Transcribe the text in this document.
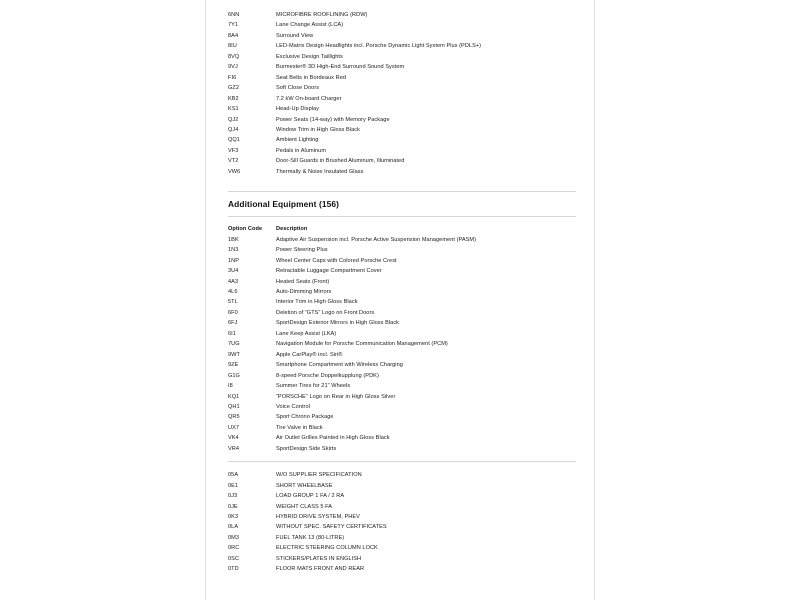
6NN	MICROFIBRE ROOFLINING (RDW)
7Y1	Lane Change Assist (LCA)
8A4	Surround View
8IU	LED-Matrix Design Headlights incl. Porsche Dynamic Light System Plus (PDLS+)
8VQ	Exclusive Design Taillights
9VJ	Burmester® 3D High-End Surround Sound System
FI6	Seat Belts in Bordeaux Red
GZ2	Soft Close Doors
KB2	7.2 kW On-board Charger
KS1	Head-Up Display
QJ2	Power Seats (14-way) with Memory Package
QJ4	Window Trim in High Gloss Black
QQ1	Ambient Lighting
VF3	Pedals in Aluminum
VT2	Door-Sill Guards in Brushed Aluminum, Illuminated
VW6	Thermally & Noise Insulated Glass
Additional Equipment (156)
Option Code	Description
1BK	Adaptive Air Suspension incl. Porsche Active Suspension Management (PASM)
1N3	Power Steering Plus
1NP	Wheel Center Caps with Colored Porsche Crest
3U4	Retractable Luggage Compartment Cover
4A3	Heated Seats (Front)
4L6	Auto-Dimming Mirrors
5TL	Interior Trim in High Gloss Black
6F0	Deletion of “GTS” Logo on Front Doors
6FJ	SportDesign Exterior Mirrors in High Gloss Black
6I1	Lane Keep Assist (LKA)
7UG	Navigation Module for Porsche Communication Management (PCM)
9WT	Apple CarPlay® incl. Siri®
9ZE	Smartphone Compartment with Wireless Charging
G1G	8-speed Porsche Doppelkupplung (PDK)
I8	Summer Tires for 21" Wheels
KQ1	“PORSCHE” Logo on Rear in High Gloss Silver
QH1	Voice Control
QR5	Sport Chrono Package
UX7	Tire Valve in Black
VK4	Air Outlet Grilles Painted in High Gloss Black
VR4	SportDesign Side Skirts

05A	W/O SUPPLIER SPECIFICATION
0E1	SHORT WHEELBASE
0J3	LOAD GROUP 1 FA / 2 RA
0JE	WEIGHT CLASS 5 FA
0K3	HYBRID DRIVE SYSTEM, PHEV
0LA	WITHOUT SPEC. SAFETY CERTIFICATES
0M3	FUEL TANK 13 (80-LITRE)
0RC	ELECTRIC STEERING COLUMN LOCK
0SC	STICKERS/PLATES IN ENGLISH
0TD	FLOOR MATS FRONT AND REAR
